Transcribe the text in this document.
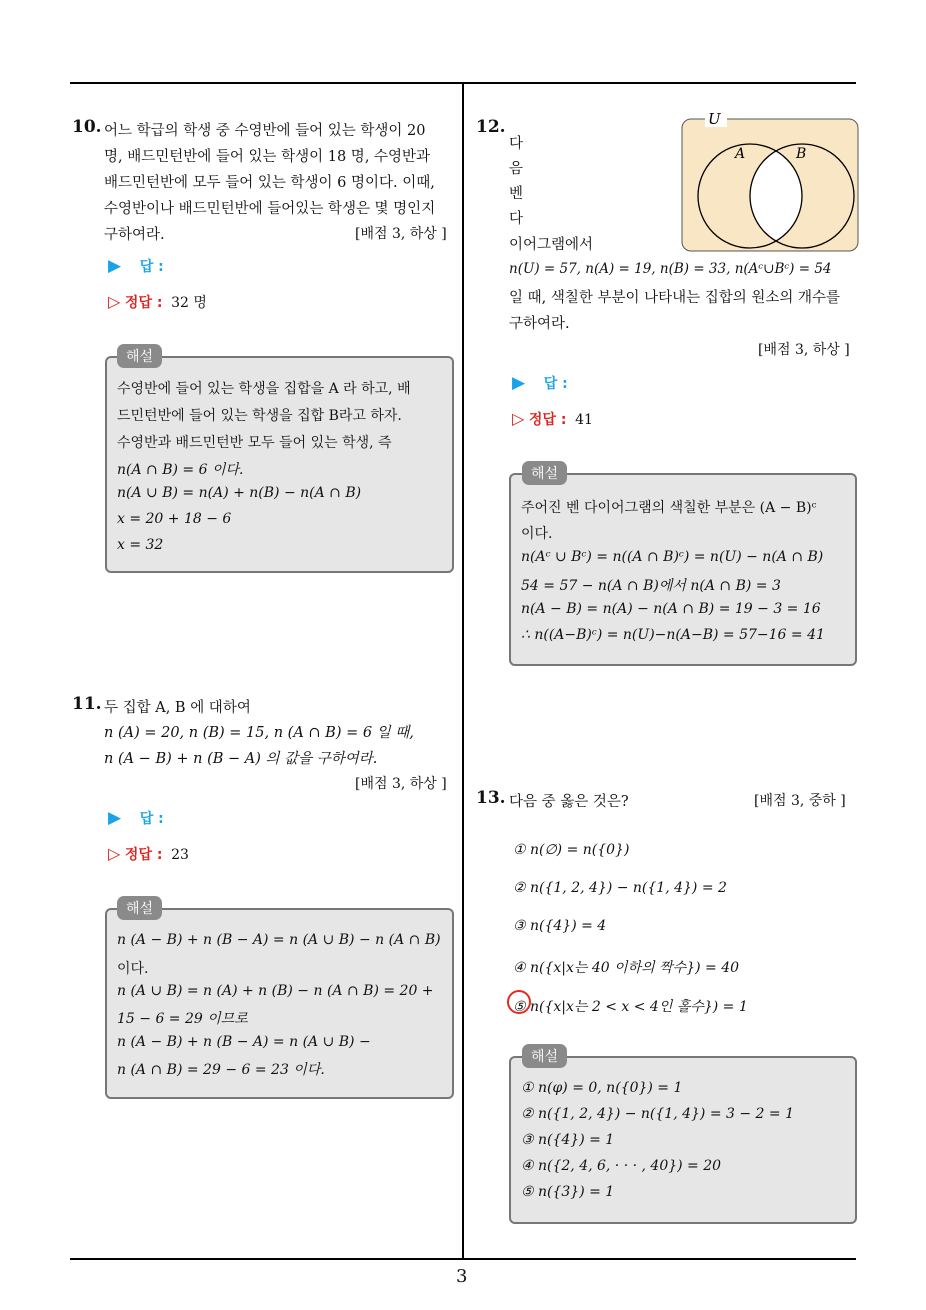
10. 어느 학급의 학생 중 수영반에 들어 있는 학생이 20
명, 배드민턴반에 들어 있는 학생이 18 명, 수영반과
배드민턴반에 모두 들어 있는 학생이 6 명이다. 이때,
수영반이나 배드민턴반에 들어있는 학생은 몇 명인지
구하여라.	[배점 3, 하상 ]
▶ 답 :
▷ 정답 : 32 명
수영반에 들어 있는 학생을 집합을 A 라 하고, 배
드민턴반에 들어 있는 학생을 집합 B라고 하자.
수영반과 배드민턴반 모두 들어 있는 학생, 즉
n(A ∩ B) = 6 이다.
n(A ∪ B) = n(A) + n(B) − n(A ∩ B)
x = 20 + 18 − 6
x = 32
해설
11. 두 집합 A, B 에 대하여
n (A) = 20, n (B) = 15, n (A ∩ B) = 6 일 때,
n (A − B) + n (B − A) 의 값을 구하여라.
[배점 3, 하상 ]
▶ 답 :
▷ 정답 : 23
n (A − B) + n (B − A) = n (A ∪ B) − n (A ∩ B)
이다.
n (A ∪ B) = n (A) + n (B) − n (A ∩ B) = 20 +
15 − 6 = 29 이므로
n (A − B) + n (B − A) = n (A ∪ B) −
n (A ∩ B) = 29 − 6 = 23 이다.
해설
12.
다
음
벤
다
이어그램에서
n(U) = 57, n(A) = 19, n(B) = 33, n(Aᶜ∪Bᶜ) = 54
일 때, 색칠한 부분이 나타내는 집합의 원소의 개수를
구하여라.
U
A	B
[배점 3, 하상 ]
▶ 답 :
▷ 정답 : 41
주어진 벤 다이어그램의 색칠한 부분은 (A − B)ᶜ
이다.
n(Aᶜ ∪ Bᶜ) = n((A ∩ B)ᶜ) = n(U) − n(A ∩ B)
54 = 57 − n(A ∩ B)에서 n(A ∩ B) = 3
n(A − B) = n(A) − n(A ∩ B) = 19 − 3 = 16
∴ n((A−B)ᶜ) = n(U)−n(A−B) = 57−16 = 41
해설
13. 다음 중 옳은 것은?	[배점 3, 중하 ]
① n(∅) = n({0})
② n({1, 2, 4}) − n({1, 4}) = 2
③ n({4}) = 4
④ n({x|x는 40 이하의 짝수}) = 40
⑤ n({x|x는 2 < x < 4인 홀수}) = 1
① n(φ) = 0, n({0}) = 1
② n({1, 2, 4}) − n({1, 4}) = 3 − 2 = 1
③ n({4}) = 1
④ n({2, 4, 6, · · · , 40}) = 20
⑤ n({3}) = 1
해설
3
